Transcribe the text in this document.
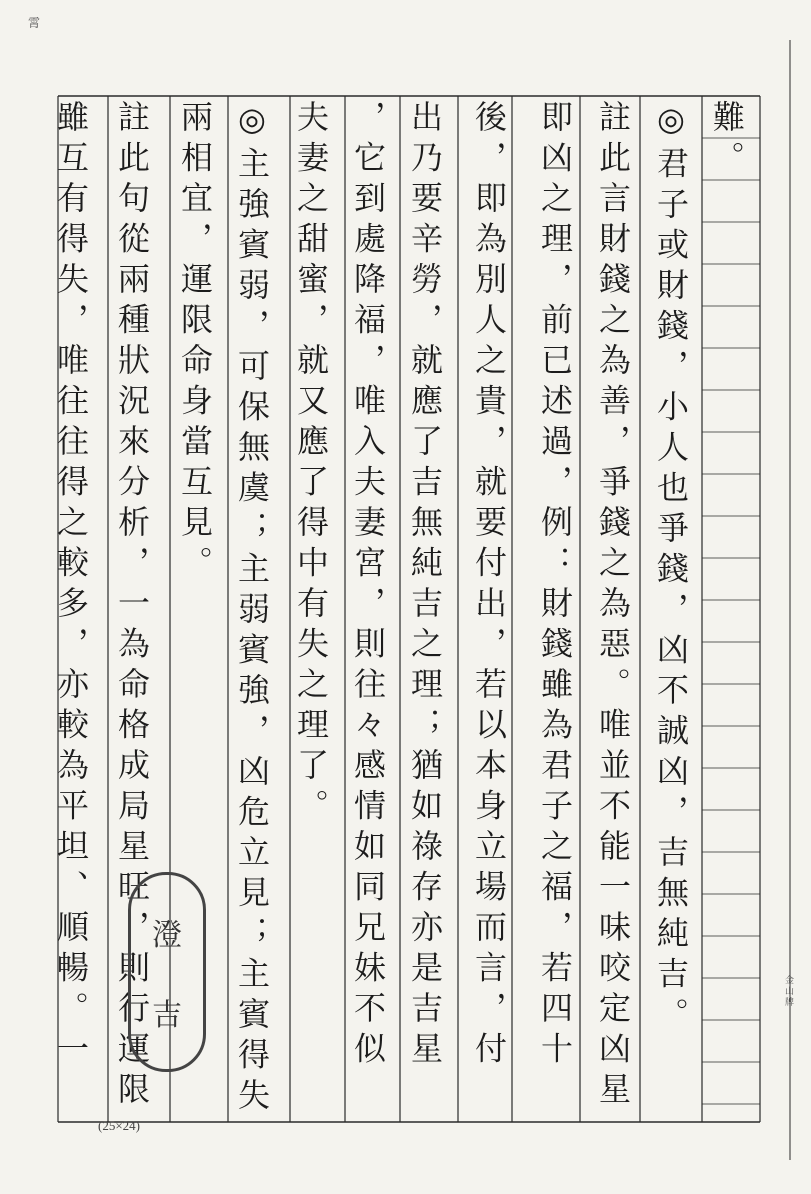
難。
◎君子或財錢，小人也爭錢，凶不誠凶，吉無純吉。
註此言財錢之為善，爭錢之為惡。唯並不能一味咬定凶星
即凶之理，前已述過，例：財錢雖為君子之福，若四十
後，即為別人之貴，就要付出，若以本身立場而言，付
出乃要辛勞，就應了吉無純吉之理；猶如祿存亦是吉星
，它到處降福，唯入夫妻宮，則往々感情如同兄妹不似
夫妻之甜蜜，就又應了得中有失之理了。
◎主強賓弱，可保無虞；主弱賓強，凶危立見；主賓得失
兩相宜，運限命身當互見。
註此句從兩種狀況來分析，一為命格成局星旺，則行運限
雖互有得失，唯往往得之較多，亦較為平坦、順暢。一 澄
吉
(25×24)
金山牌
霄
